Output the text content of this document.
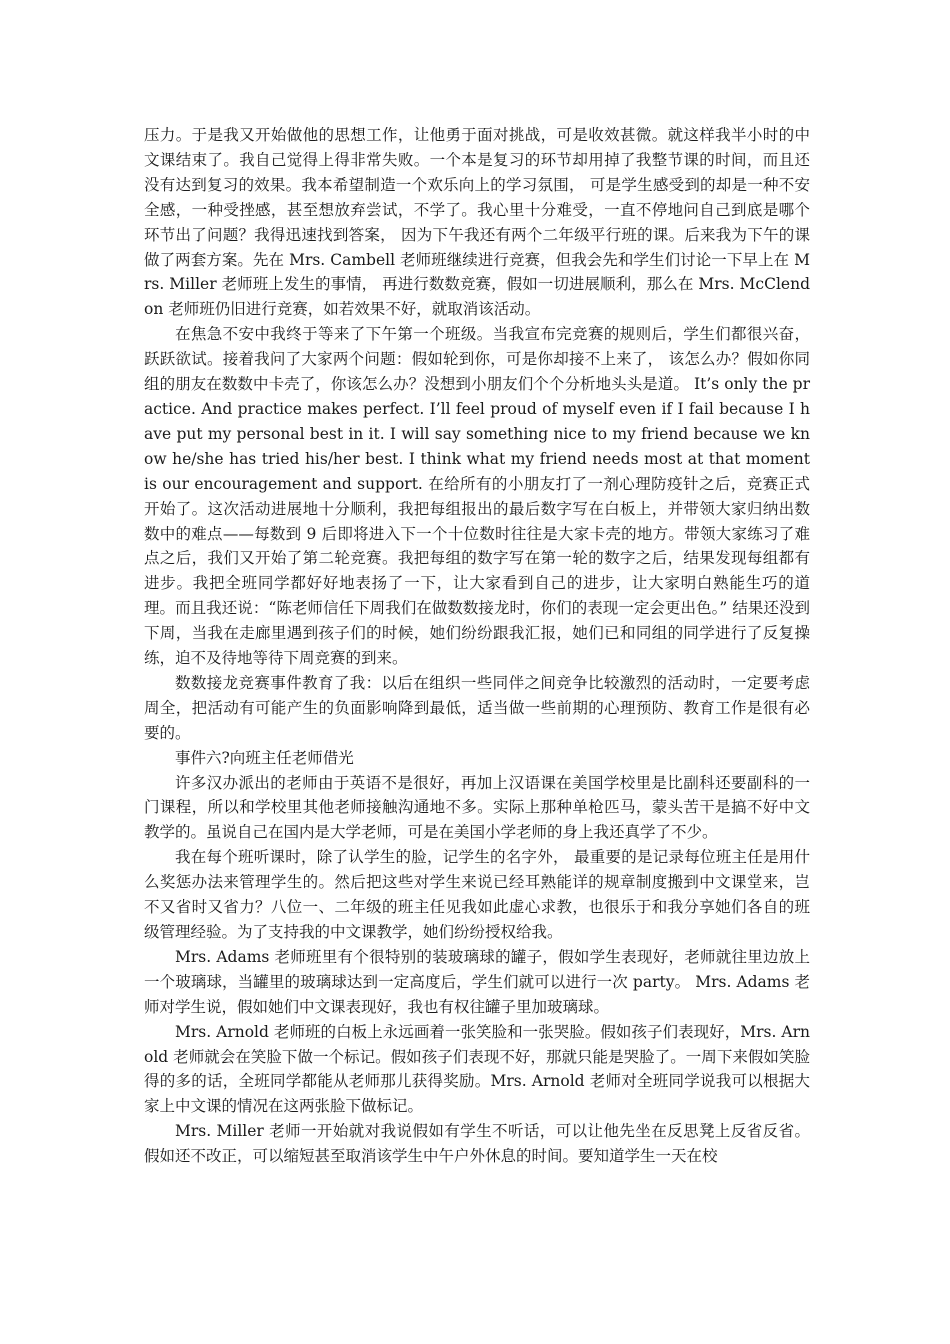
压力。于是我又开始做他的思想工作，让他勇于面对挑战，可是收效甚微。就这样我半小时的中文课结束了。我自己觉得上得非常失败。一个本是复习的环节却用掉了我整节课的时间，而且还没有达到复习的效果。我本希望制造一个欢乐向上的学习氛围， 可是学生感受到的却是一种不安全感，一种受挫感，甚至想放弃尝试，不学了。我心里十分难受，一直不停地问自己到底是哪个环节出了问题？我得迅速找到答案， 因为下午我还有两个二年级平行班的课。后来我为下午的课做了两套方案。先在 Mrs. Cambell 老师班继续进行竞赛，但我会先和学生们讨论一下早上在 Mrs. Miller 老师班上发生的事情， 再进行数数竞赛，假如一切进展顺利，那么在 Mrs. McClendon 老师班仍旧进行竞赛，如若效果不好，就取消该活动。

在焦急不安中我终于等来了下午第一个班级。当我宣布完竞赛的规则后，学生们都很兴奋，跃跃欲试。接着我问了大家两个问题：假如轮到你，可是你却接不上来了， 该怎么办？假如你同组的朋友在数数中卡壳了，你该怎么办？没想到小朋友们个个分析地头头是道。 It’s only the practice. And practice makes perfect. I’ll feel proud of myself even if I fail because I have put my personal best in it. I will say something nice to my friend because we know he/she has tried his/her best. I think what my friend needs most at that moment is our encouragement and support. 在给所有的小朋友打了一剂心理防疫针之后，竞赛正式开始了。这次活动进展地十分顺利，我把每组报出的最后数字写在白板上，并带领大家归纳出数数中的难点——每数到 9 后即将进入下一个十位数时往往是大家卡壳的地方。带领大家练习了难点之后，我们又开始了第二轮竞赛。我把每组的数字写在第一轮的数字之后，结果发现每组都有进步。我把全班同学都好好地表扬了一下，让大家看到自己的进步，让大家明白熟能生巧的道理。而且我还说：“陈老师信任下周我们在做数数接龙时，你们的表现一定会更出色。” 结果还没到下周，当我在走廊里遇到孩子们的时候，她们纷纷跟我汇报，她们已和同组的同学进行了反复操练，迫不及待地等待下周竞赛的到来。

数数接龙竞赛事件教育了我：以后在组织一些同伴之间竞争比较激烈的活动时，一定要考虑周全，把活动有可能产生的负面影响降到最低，适当做一些前期的心理预防、教育工作是很有必要的。

事件六?向班主任老师借光

许多汉办派出的老师由于英语不是很好，再加上汉语课在美国学校里是比副科还要副科的一门课程，所以和学校里其他老师接触沟通地不多。实际上那种单枪匹马，蒙头苦干是搞不好中文教学的。虽说自己在国内是大学老师，可是在美国小学老师的身上我还真学了不少。

我在每个班听课时，除了认学生的脸，记学生的名字外， 最重要的是记录每位班主任是用什么奖惩办法来管理学生的。然后把这些对学生来说已经耳熟能详的规章制度搬到中文课堂来，岂不又省时又省力？八位一、二年级的班主任见我如此虚心求教，也很乐于和我分享她们各自的班级管理经验。为了支持我的中文课教学，她们纷纷授权给我。

Mrs. Adams 老师班里有个很特别的装玻璃球的罐子，假如学生表现好，老师就往里边放上一个玻璃球，当罐里的玻璃球达到一定高度后，学生们就可以进行一次 party。 Mrs. Adams 老师对学生说，假如她们中文课表现好，我也有权往罐子里加玻璃球。

Mrs. Arnold 老师班的白板上永远画着一张笑脸和一张哭脸。假如孩子们表现好，Mrs. Arnold 老师就会在笑脸下做一个标记。假如孩子们表现不好，那就只能是哭脸了。一周下来假如笑脸得的多的话，全班同学都能从老师那儿获得奖励。Mrs. Arnold 老师对全班同学说我可以根据大家上中文课的情况在这两张脸下做标记。

Mrs. Miller 老师一开始就对我说假如有学生不听话，可以让他先坐在反思凳上反省反省。假如还不改正，可以缩短甚至取消该学生中午户外休息的时间。要知道学生一天在校
